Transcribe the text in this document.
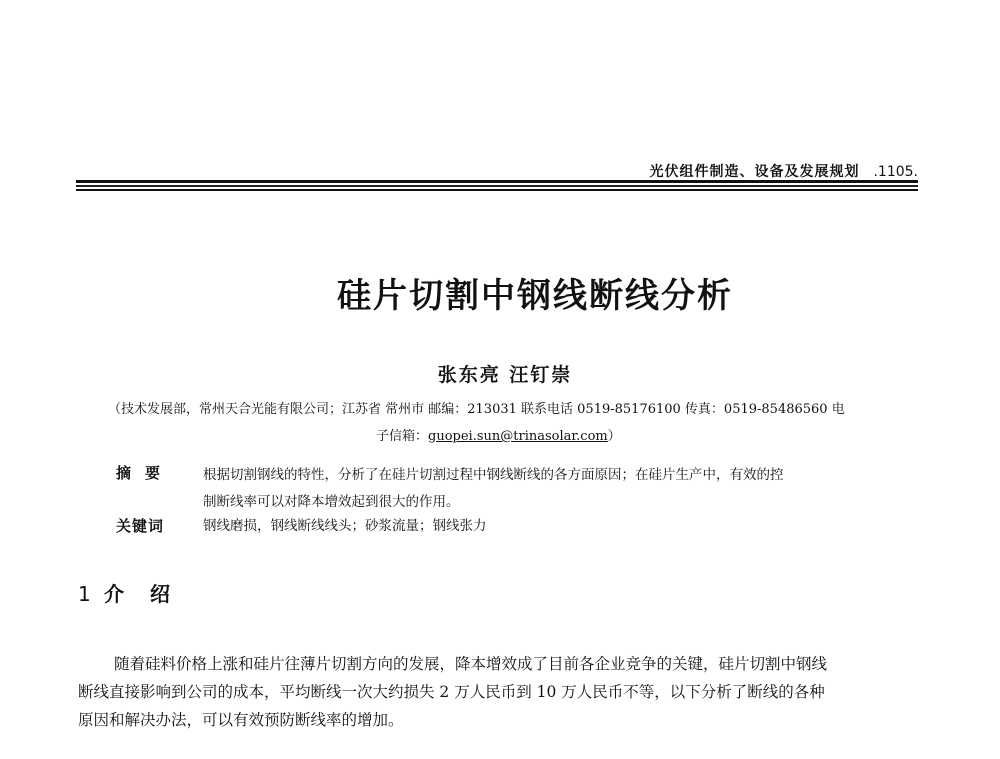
光伏组件制造、设备及发展规划 .1105.
硅片切割中钢线断线分析
张东亮 汪钉崇
（技术发展部，常州天合光能有限公司；江苏省 常州市 邮编：213031 联系电话 0519-85176100 传真：0519-85486560 电
子信箱：guopei.sun@trinasolar.com）
摘要 根据切割钢线的特性，分析了在硅片切割过程中钢线断线的各方面原因；在硅片生产中，有效的控
制断线率可以对降本增效起到很大的作用。
关键词	钢线磨损，钢线断线线头；砂浆流量；钢线张力
1 介绍
随着硅料价格上涨和硅片往薄片切割方向的发展，降本增效成了目前各企业竞争的关键，硅片切割中钢线
断线直接影响到公司的成本，平均断线一次大约损失 2 万人民币到 10 万人民币不等，以下分析了断线的各种
原因和解决办法，可以有效预防断线率的增加。
